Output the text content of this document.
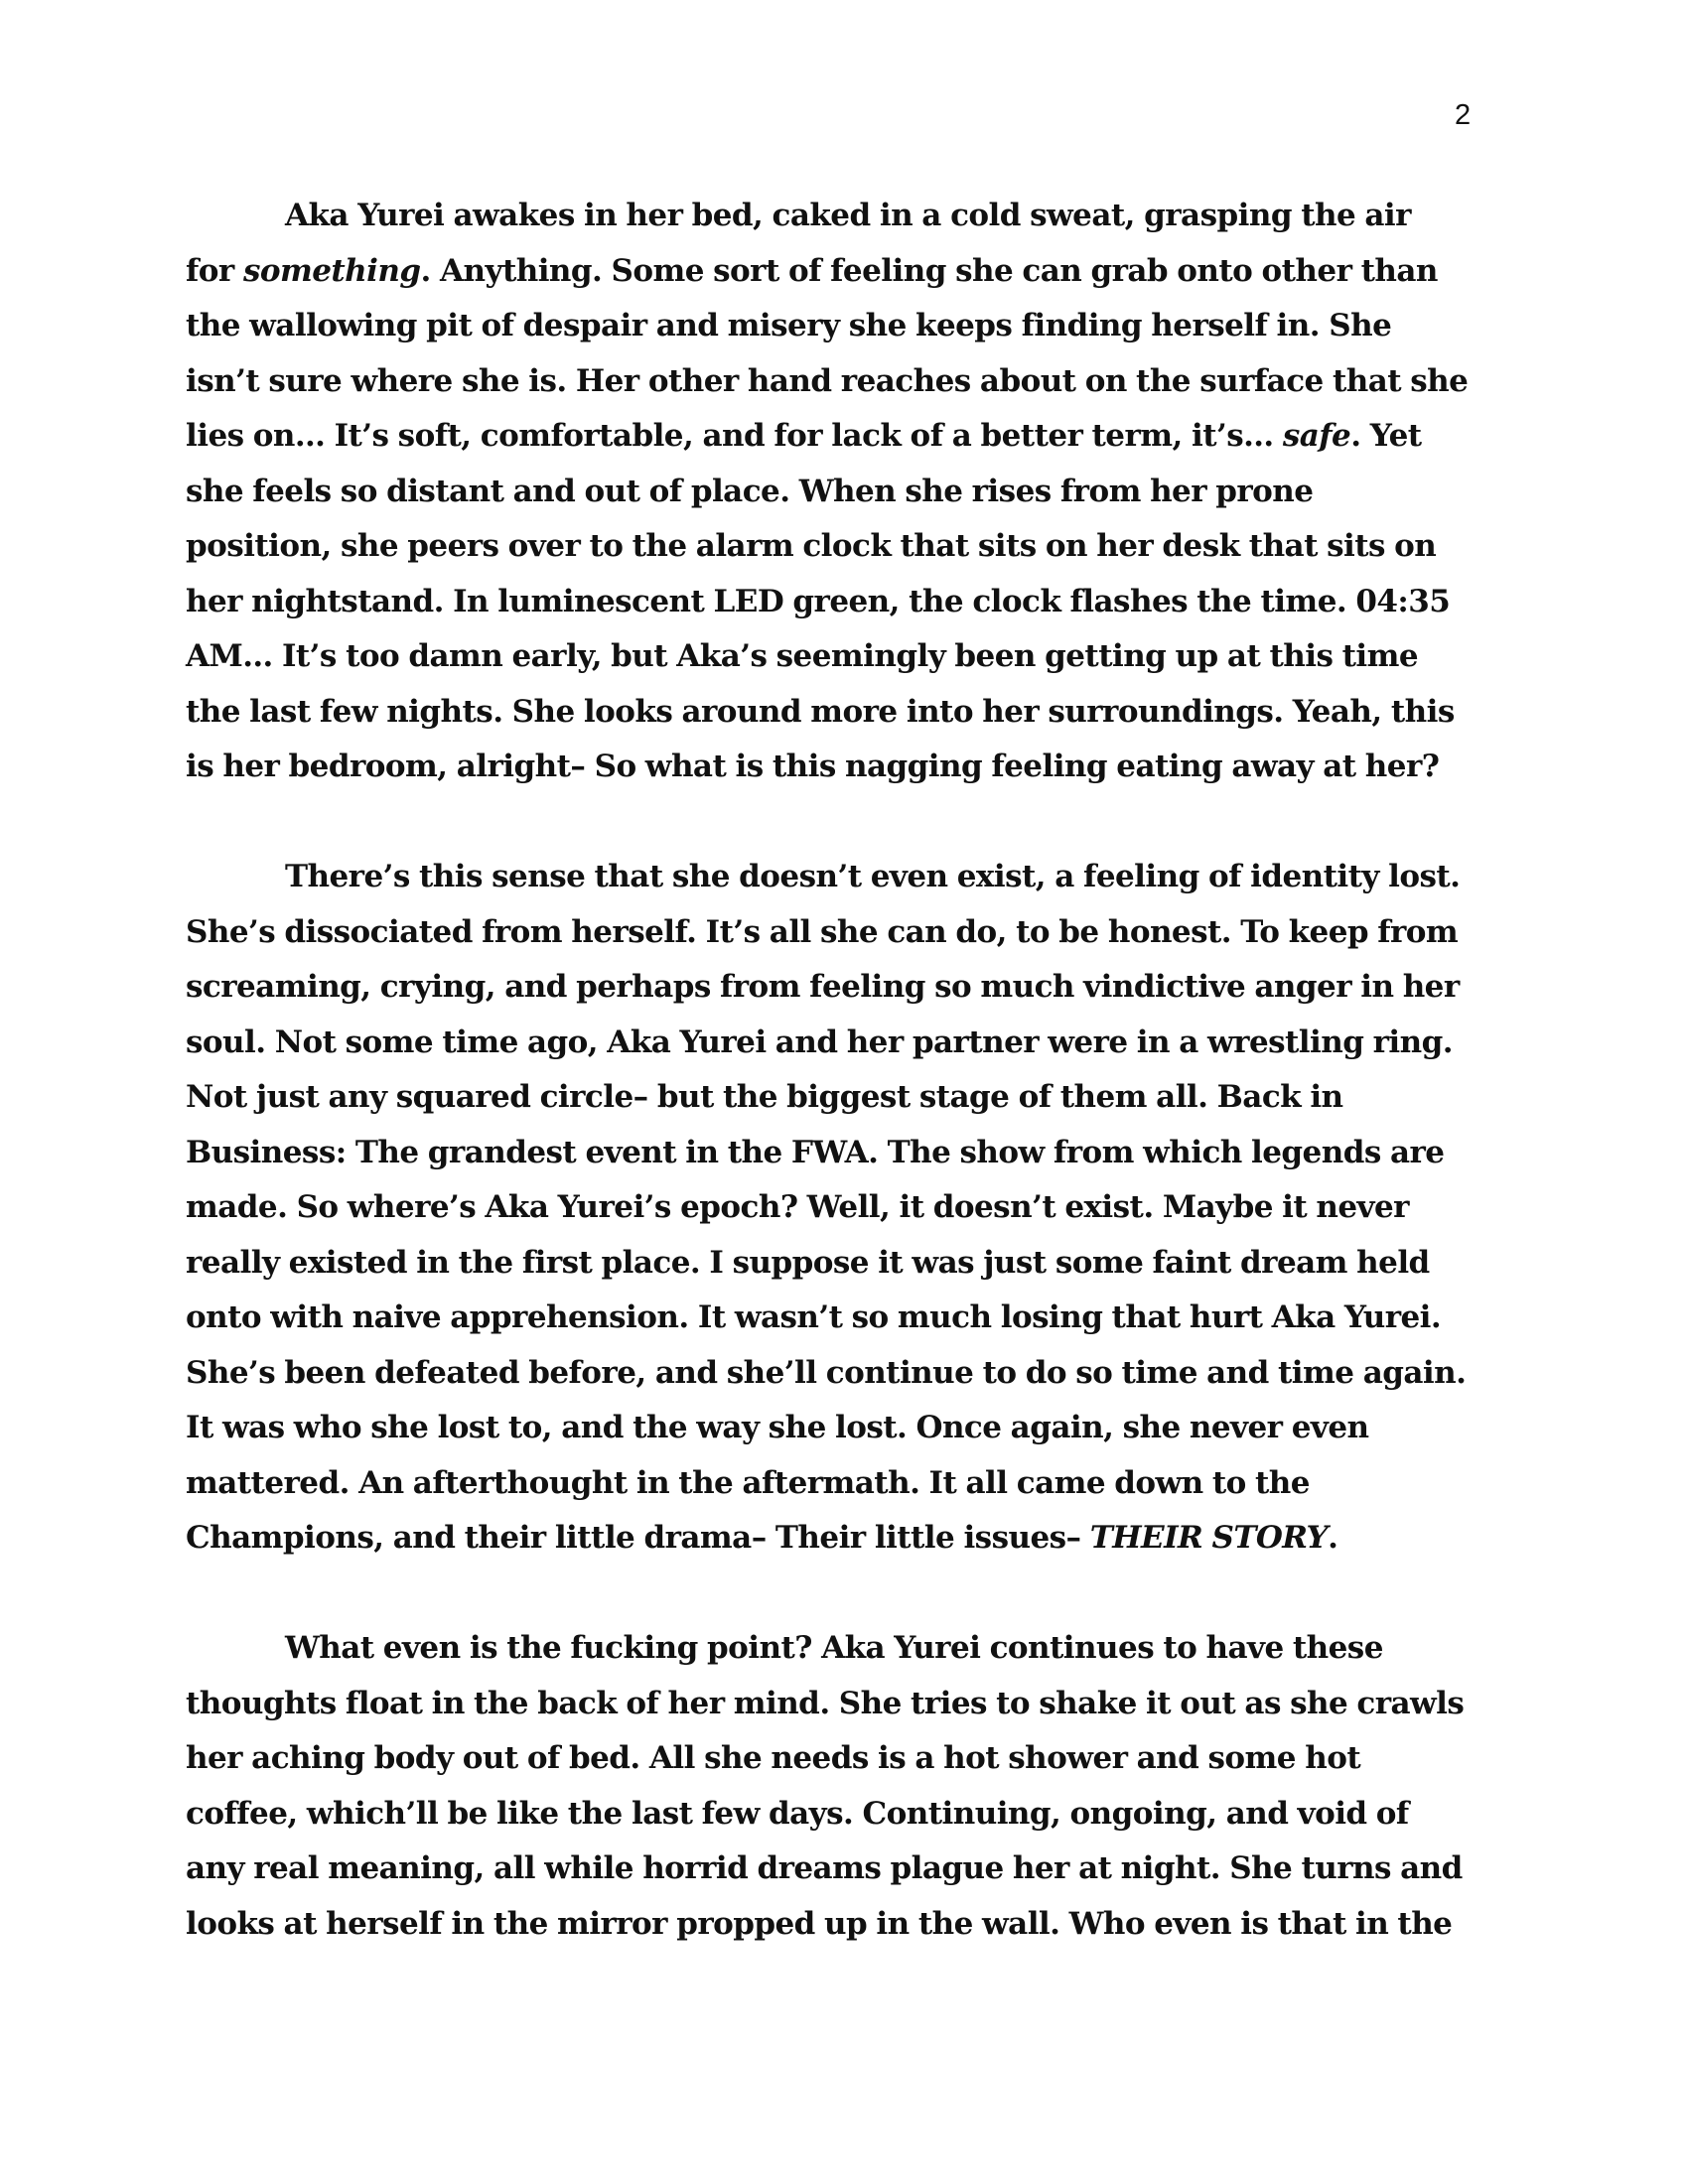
2
Aka Yurei awakes in her bed, caked in a cold sweat, grasping the air
for something. Anything. Some sort of feeling she can grab onto other than
the wallowing pit of despair and misery she keeps finding herself in. She
isn’t sure where she is. Her other hand reaches about on the surface that she
lies on… It’s soft, comfortable, and for lack of a better term, it’s… safe. Yet
she feels so distant and out of place. When she rises from her prone
position, she peers over to the alarm clock that sits on her desk that sits on
her nightstand. In luminescent LED green, the clock flashes the time. 04:35
AM… It’s too damn early, but Aka’s seemingly been getting up at this time
the last few nights. She looks around more into her surroundings. Yeah, this
is her bedroom, alright– So what is this nagging feeling eating away at her?
There’s this sense that she doesn’t even exist, a feeling of identity lost.
She’s dissociated from herself. It’s all she can do, to be honest. To keep from
screaming, crying, and perhaps from feeling so much vindictive anger in her
soul. Not some time ago, Aka Yurei and her partner were in a wrestling ring.
Not just any squared circle– but the biggest stage of them all. Back in
Business: The grandest event in the FWA. The show from which legends are
made. So where’s Aka Yurei’s epoch? Well, it doesn’t exist. Maybe it never
really existed in the first place. I suppose it was just some faint dream held
onto with naive apprehension. It wasn’t so much losing that hurt Aka Yurei.
She’s been defeated before, and she’ll continue to do so time and time again.
It was who she lost to, and the way she lost. Once again, she never even
mattered. An afterthought in the aftermath. It all came down to the
Champions, and their little drama– Their little issues– THEIR STORY.
What even is the fucking point? Aka Yurei continues to have these
thoughts float in the back of her mind. She tries to shake it out as she crawls
her aching body out of bed. All she needs is a hot shower and some hot
coffee, which’ll be like the last few days. Continuing, ongoing, and void of
any real meaning, all while horrid dreams plague her at night. She turns and
looks at herself in the mirror propped up in the wall. Who even is that in the
